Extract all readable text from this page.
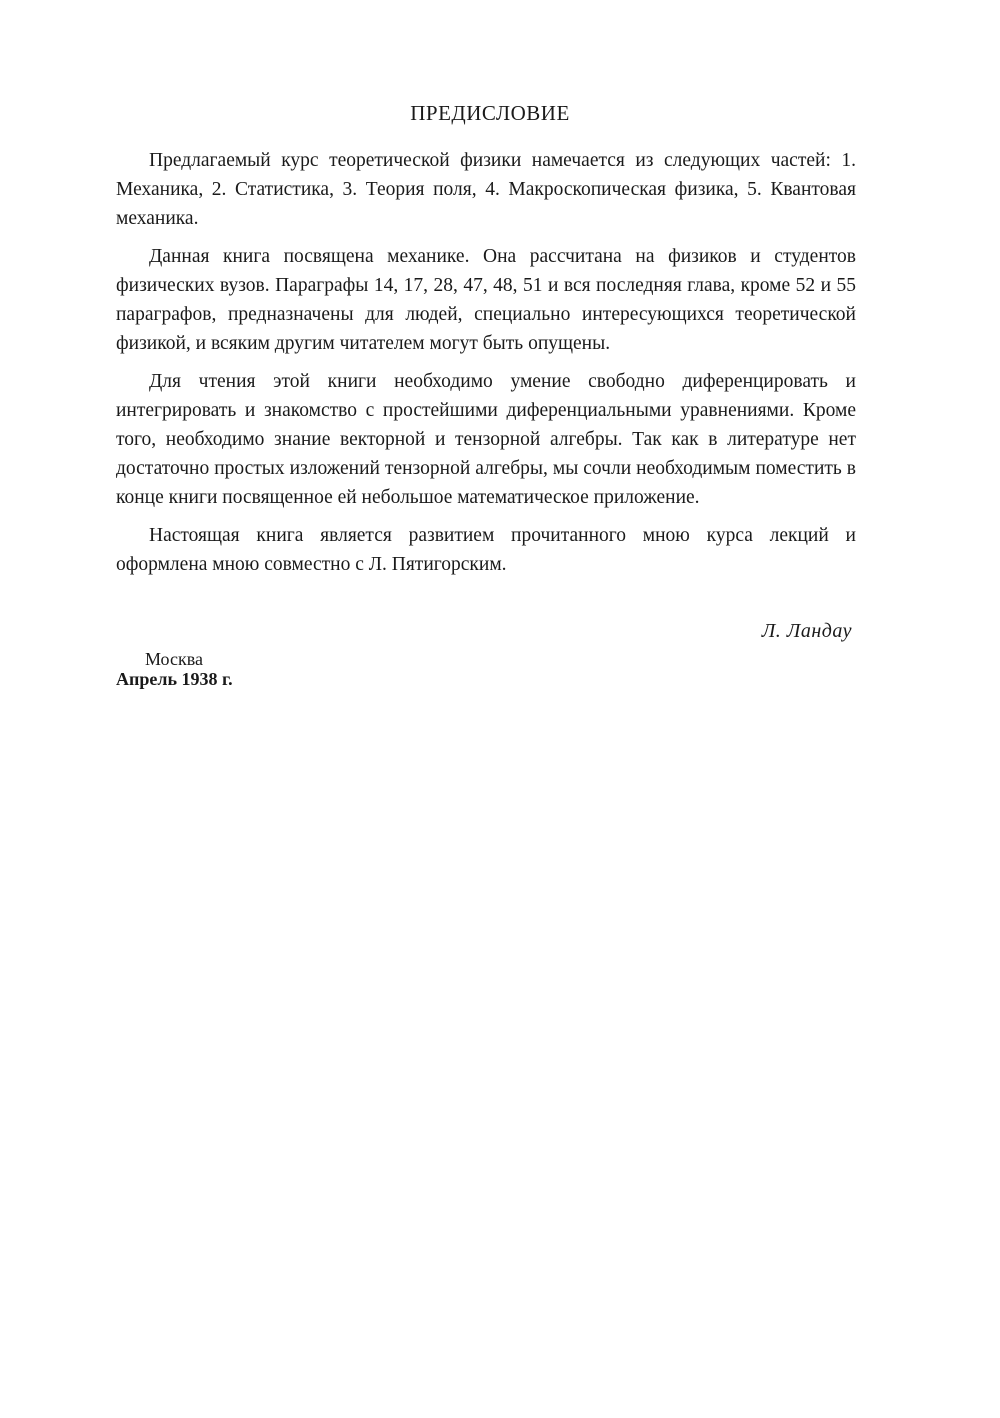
ПРЕДИСЛОВИЕ

Предлагаемый курс теоретической физики намечается из следующих частей: 1. Механика, 2. Статистика, 3. Теория поля, 4. Макроскопическая физика, 5. Квантовая механика.

Данная книга посвящена механике. Она рассчитана на физиков и студентов физических вузов. Параграфы 14, 17, 28, 47, 48, 51 и вся последняя глава, кроме 52 и 55 параграфов, предназначены для людей, специально интересующихся теоретической физикой, и всяким другим читателем могут быть опущены.

Для чтения этой книги необходимо умение свободно диференцировать и интегрировать и знакомство с простейшими диференциальными уравнениями. Кроме того, необходимо знание векторной и тензорной алгебры. Так как в литературе нет достаточно простых изложений тензорной алгебры, мы сочли необходимым поместить в конце книги посвященное ей небольшое математическое приложение.

Настоящая книга является развитием прочитанного мною курса лекций и оформлена мною совместно с Л. Пятигорским.

Л. Ландау
Москва
Апрель 1938 г.
